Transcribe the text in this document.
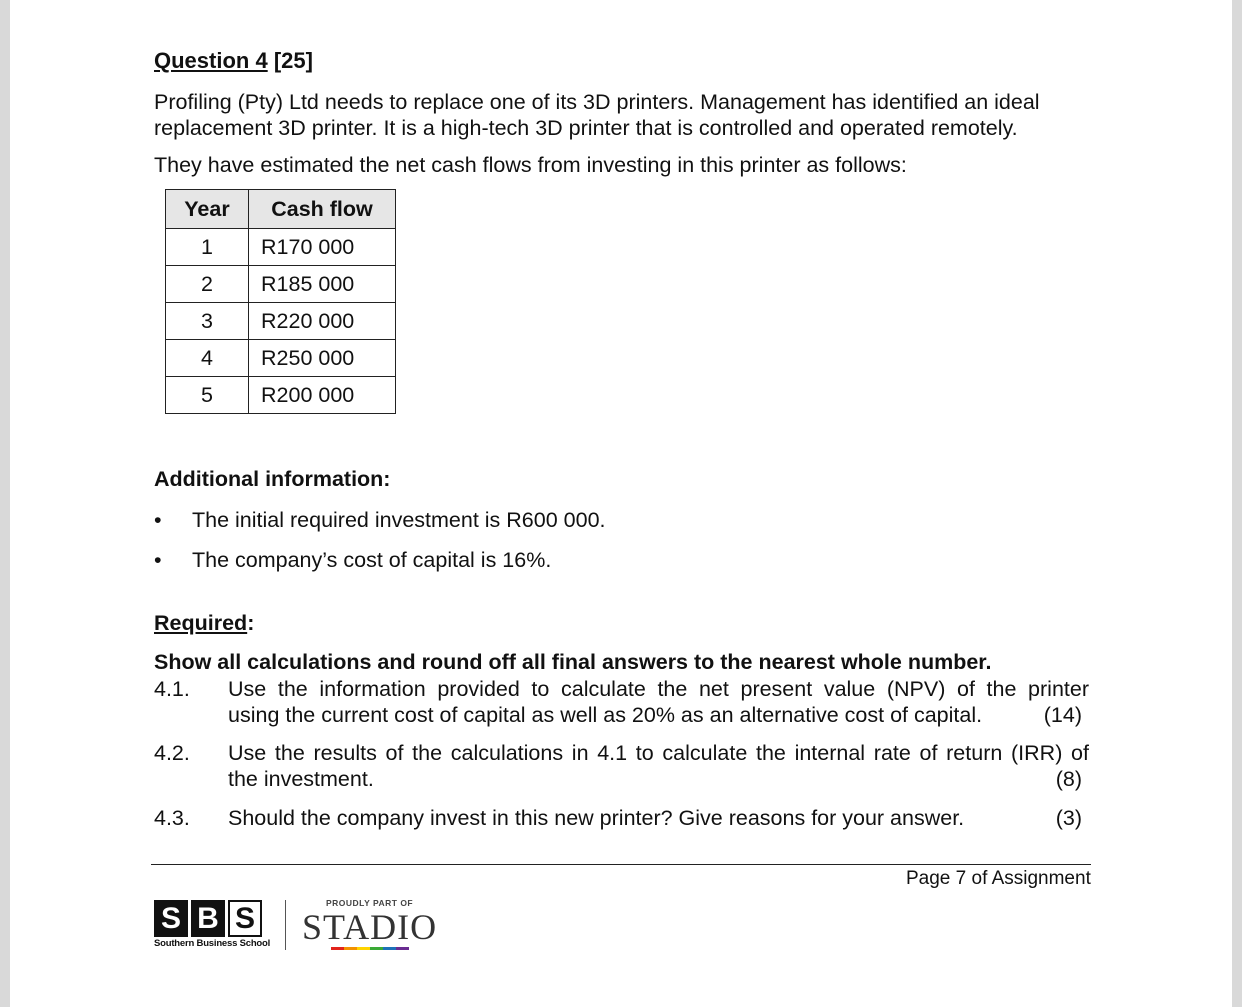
Question 4 [25]
Profiling (Pty) Ltd needs to replace one of its 3D printers. Management has identified an ideal
replacement 3D printer. It is a high-tech 3D printer that is controlled and operated remotely.
They have estimated the net cash flows from investing in this printer as follows:
Year	Cash flow
1	R170 000
2	R185 000
3	R220 000
4	R250 000
5	R200 000
Additional information:
•	The initial required investment is R600 000.
•	The company’s cost of capital is 16%.
Required:
Show all calculations and round off all final answers to the nearest whole number.
4.1. Use the information provided to calculate the net present value (NPV) of the printer
using the current cost of capital as well as 20% as an alternative cost of capital.	(14)
4.2. Use the results of the calculations in 4.1 to calculate the internal rate of return (IRR) of
the investment.	(8)
4.3. Should the company invest in this new printer? Give reasons for your answer.	(3)
Page 7 of Assignment
S B S
Southern Business School
PROUDLY PART OF
STADIO
